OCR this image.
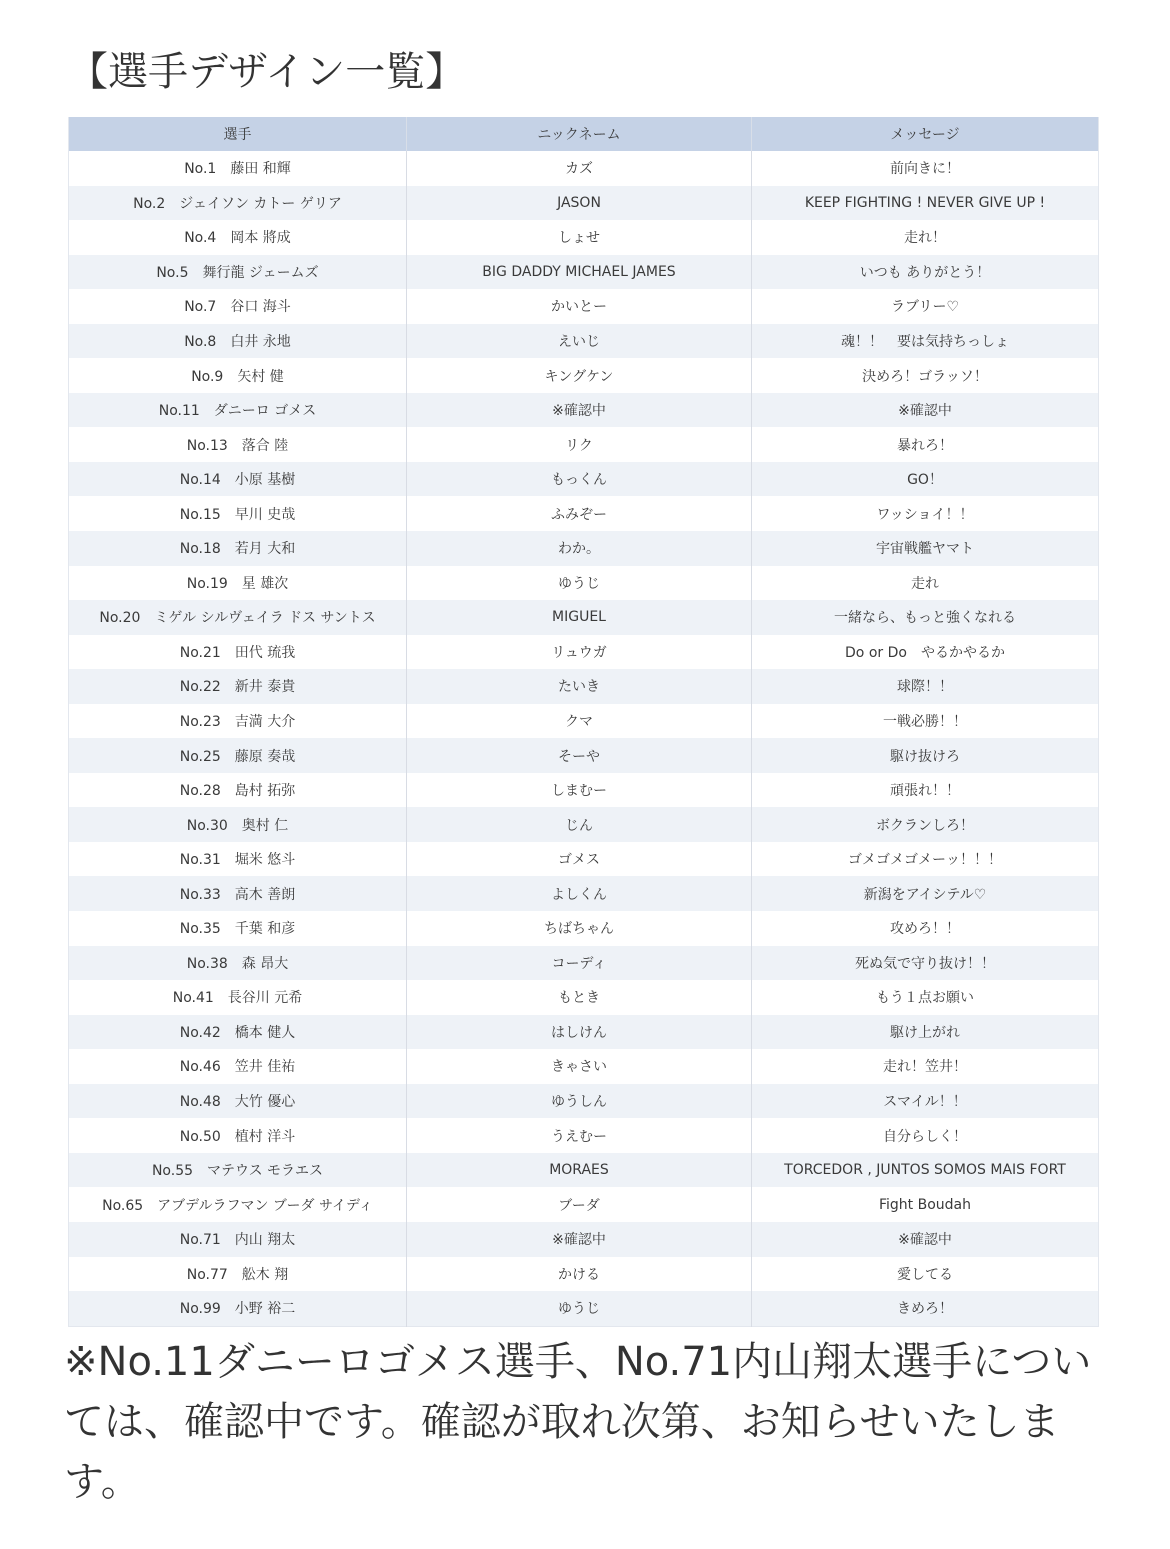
【選手デザイン一覧】
選手	ニックネーム	メッセージ
No.1　藤田 和輝	カズ	前向きに！
No.2　ジェイソン カトー ゲリア	JASON	KEEP FIGHTING ! NEVER GIVE UP !
No.4　岡本 將成	しょせ	走れ！
No.5　舞行龍 ジェームズ	BIG DADDY MICHAEL JAMES	いつも ありがとう！
No.7　谷口 海斗	かいとー	ラブリー♡
No.8　白井 永地	えいじ	魂！！　要は気持ちっしょ
No.9　矢村 健	キングケン	決めろ！ゴラッソ！
No.11　ダニーロ ゴメス	※確認中	※確認中
No.13　落合 陸	リク	暴れろ！
No.14　小原 基樹	もっくん	GO！
No.15　早川 史哉	ふみぞー	ワッショイ！！
No.18　若月 大和	わか。	宇宙戦艦ヤマト
No.19　星 雄次	ゆうじ	走れ
No.20　ミゲル シルヴェイラ ドス サントス	MIGUEL	一緒なら、もっと強くなれる
No.21　田代 琉我	リュウガ	Do or Do　やるかやるか
No.22　新井 泰貴	たいき	球際！！
No.23　吉満 大介	クマ	一戦必勝！！
No.25　藤原 奏哉	そーや	駆け抜けろ
No.28　島村 拓弥	しまむー	頑張れ！！
No.30　奥村 仁	じん	ボクランしろ！
No.31　堀米 悠斗	ゴメス	ゴメゴメゴメーッ！！！
No.33　高木 善朗	よしくん	新潟をアイシテル♡
No.35　千葉 和彦	ちばちゃん	攻めろ！！
No.38　森 昂大	コーディ	死ぬ気で守り抜け！！
No.41　長谷川 元希	もとき	もう１点お願い
No.42　橋本 健人	はしけん	駆け上がれ
No.46　笠井 佳祐	きゃさい	走れ！笠井！
No.48　大竹 優心	ゆうしん	スマイル！！
No.50　植村 洋斗	うえむー	自分らしく！
No.55　マテウス モラエス	MORAES	TORCEDOR , JUNTOS SOMOS MAIS FORT
No.65　アブデルラフマン ブーダ サイディ	ブーダ	Fight Boudah
No.71　内山 翔太	※確認中	※確認中
No.77　舩木 翔	かける	愛してる
No.99　小野 裕二	ゆうじ	きめろ！

※No.11ダニーロゴメス選手、No.71内山翔太選手については、確認中です。確認が取れ次第、お知らせいたします。
